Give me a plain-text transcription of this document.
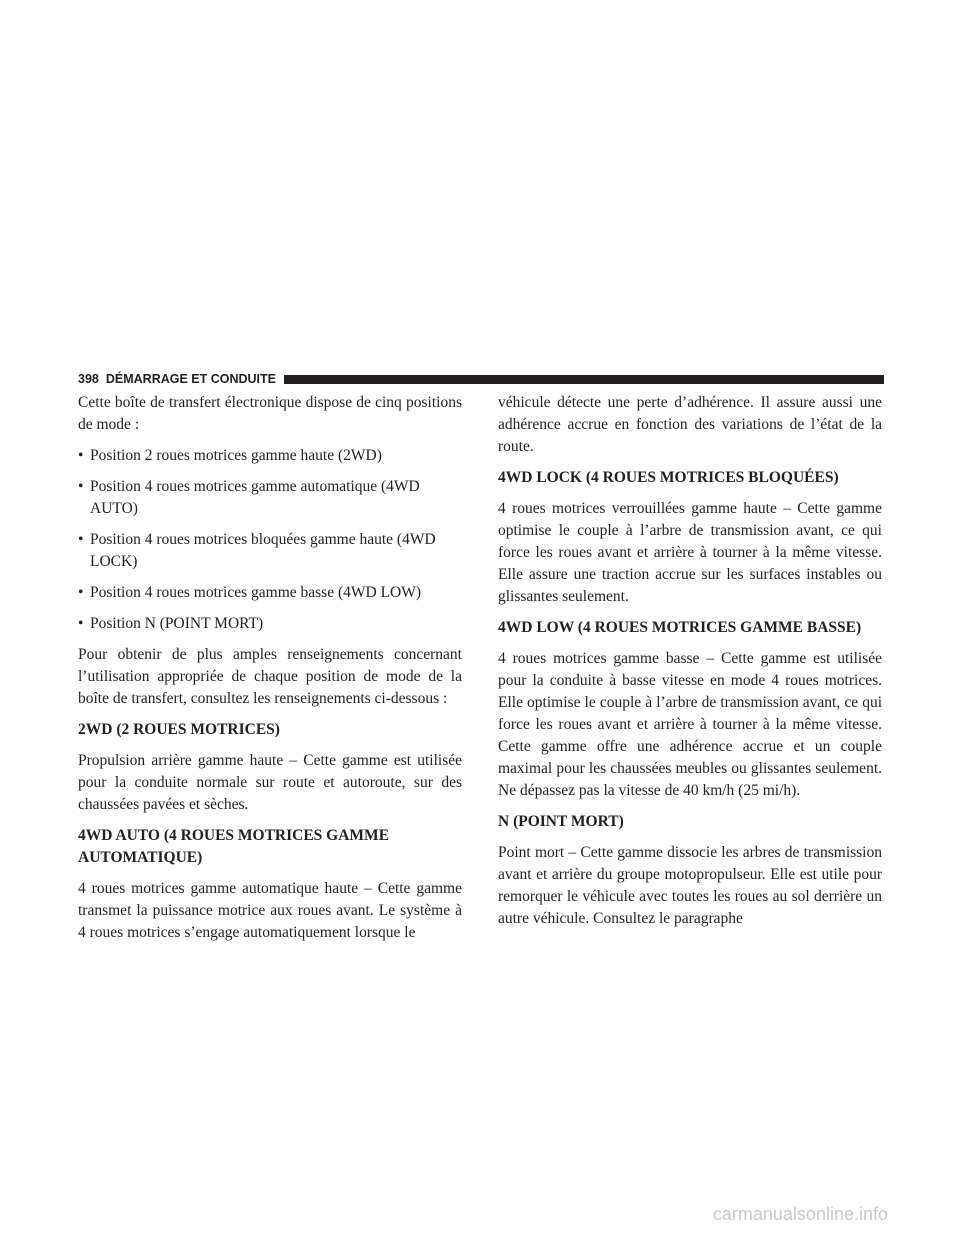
398 DÉMARRAGE ET CONDUITE

Cette boîte de transfert électronique dispose de cinq positions de mode :

• Position 2 roues motrices gamme haute (2WD)
• Position 4 roues motrices gamme automatique (4WD AUTO)
• Position 4 roues motrices bloquées gamme haute (4WD LOCK)
• Position 4 roues motrices gamme basse (4WD LOW)
• Position N (POINT MORT)

Pour obtenir de plus amples renseignements concernant l’utilisation appropriée de chaque position de mode de la boîte de transfert, consultez les renseignements ci-dessous :

2WD (2 ROUES MOTRICES)

Propulsion arrière gamme haute – Cette gamme est utilisée pour la conduite normale sur route et autoroute, sur des chaussées pavées et sèches.

4WD AUTO (4 ROUES MOTRICES GAMME AUTOMATIQUE)

4 roues motrices gamme automatique haute – Cette gamme transmet la puissance motrice aux roues avant. Le système à 4 roues motrices s’engage automatiquement lorsque le

véhicule détecte une perte d’adhérence. Il assure aussi une adhérence accrue en fonction des variations de l’état de la route.

4WD LOCK (4 ROUES MOTRICES BLOQUÉES)

4 roues motrices verrouillées gamme haute – Cette gamme optimise le couple à l’arbre de transmission avant, ce qui force les roues avant et arrière à tourner à la même vitesse. Elle assure une traction accrue sur les surfaces instables ou glissantes seulement.

4WD LOW (4 ROUES MOTRICES GAMME BASSE)

4 roues motrices gamme basse – Cette gamme est utilisée pour la conduite à basse vitesse en mode 4 roues motrices. Elle optimise le couple à l’arbre de transmission avant, ce qui force les roues avant et arrière à tourner à la même vitesse. Cette gamme offre une adhérence accrue et un couple maximal pour les chaussées meubles ou glissantes seulement. Ne dépassez pas la vitesse de 40 km/h (25 mi/h).

N (POINT MORT)

Point mort – Cette gamme dissocie les arbres de transmission avant et arrière du groupe motopropulseur. Elle est utile pour remorquer le véhicule avec toutes les roues au sol derrière un autre véhicule. Consultez le paragraphe

carmanualsonline.info
